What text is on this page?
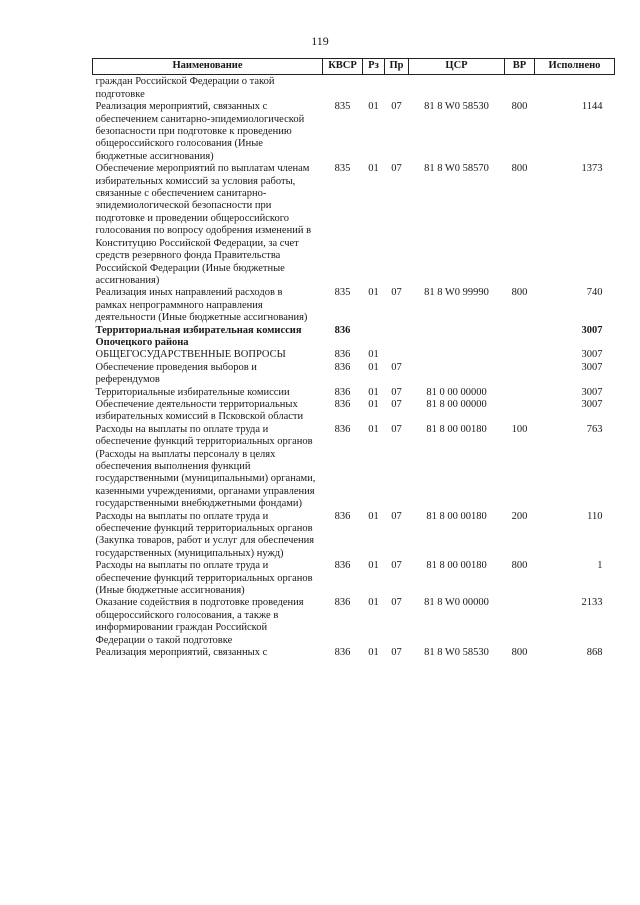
119
Наименование	КВСР	Рз	Пр	ЦСР	ВР	Исполнено
граждан Российской Федерации о такой подготовке						
Реализация мероприятий, связанных с обеспечением санитарно-эпидемиологической безопасности при подготовке к проведению общероссийского голосования (Иные бюджетные ассигнования)	835	01	07	81 8 W0 58530	800	1144
Обеспечение мероприятий по выплатам членам избирательных комиссий за условия работы, связанные с обеспечением санитарно-эпидемиологической безопасности при подготовке и проведении общероссийского голосования по вопросу одобрения изменений в Конституцию Российской Федерации, за счет средств резервного фонда Правительства Российской Федерации (Иные бюджетные ассигнования)	835	01	07	81 8 W0 58570	800	1373
Реализация иных направлений расходов в рамках непрограммного направления деятельности (Иные бюджетные ассигнования)	835	01	07	81 8 W0 99990	800	740
Территориальная избирательная комиссия Опочецкого района	836					3007
ОБЩЕГОСУДАРСТВЕННЫЕ ВОПРОСЫ	836	01				3007
Обеспечение проведения выборов и референдумов	836	01	07			3007
Территориальные избирательные комиссии	836	01	07	81 0 00 00000		3007
Обеспечение деятельности территориальных избирательных комиссий в Псковской области	836	01	07	81 8 00 00000		3007
Расходы на выплаты по оплате труда и обеспечение функций территориальных органов (Расходы на выплаты персоналу в целях обеспечения выполнения функций государственными (муниципальными) органами, казенными учреждениями, органами управления государственными внебюджетными фондами)	836	01	07	81 8 00 00180	100	763
Расходы на выплаты по оплате труда и обеспечение функций территориальных органов (Закупка товаров, работ и услуг для обеспечения государственных (муниципальных) нужд)	836	01	07	81 8 00 00180	200	110
Расходы на выплаты по оплате труда и обеспечение функций территориальных органов (Иные бюджетные ассигнования)	836	01	07	81 8 00 00180	800	1
Оказание содействия в подготовке проведения общероссийского голосования, а также в информировании граждан Российской Федерации о такой подготовке	836	01	07	81 8 W0 00000		2133
Реализация мероприятий, связанных с	836	01	07	81 8 W0 58530	800	868
